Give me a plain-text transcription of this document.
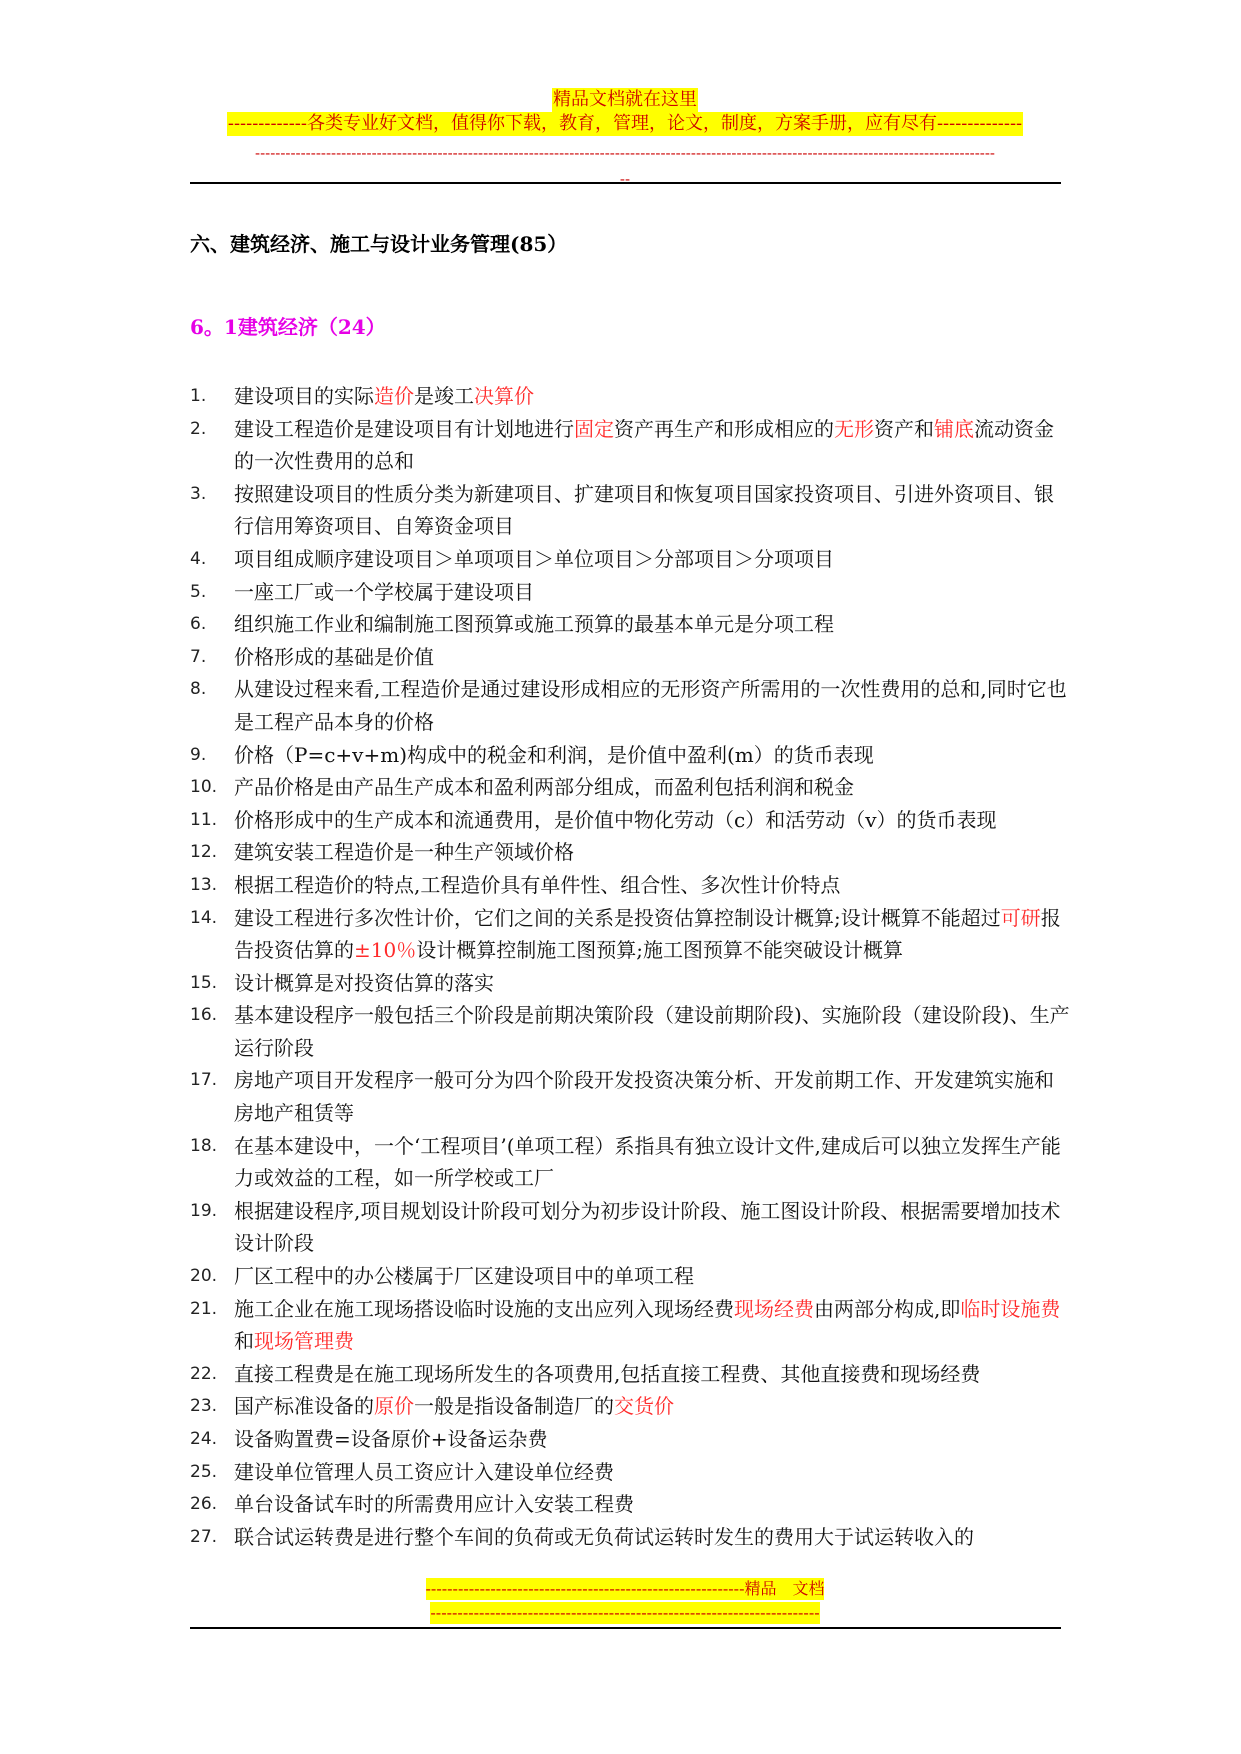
精品文档就在这里
-------------各类专业好文档，值得你下载，教育，管理，论文，制度，方案手册，应有尽有--------------
--------------------------------------------------------------------------------------------------------------------------------------------------
--
六、建筑经济、施工与设计业务管理(85）
6。1建筑经济（24）
1.	建设项目的实际造价是竣工决算价
2.	建设工程造价是建设项目有计划地进行固定资产再生产和形成相应的无形资产和铺底流动资金的一次性费用的总和
3.	按照建设项目的性质分类为新建项目、扩建项目和恢复项目国家投资项目、引进外资项目、银行信用筹资项目、自筹资金项目
4.	项目组成顺序建设项目＞单项项目＞单位项目＞分部项目＞分项项目
5.	一座工厂或一个学校属于建设项目
6.	组织施工作业和编制施工图预算或施工预算的最基本单元是分项工程
7.	价格形成的基础是价值
8.	从建设过程来看,工程造价是通过建设形成相应的无形资产所需用的一次性费用的总和,同时它也是工程产品本身的价格
9.	价格（P=c+v+m)构成中的税金和利润，是价值中盈利(m）的货币表现
10. 产品价格是由产品生产成本和盈利两部分组成，而盈利包括利润和税金
11. 价格形成中的生产成本和流通费用，是价值中物化劳动（c）和活劳动（v）的货币表现
12. 建筑安装工程造价是一种生产领域价格
13. 根据工程造价的特点,工程造价具有单件性、组合性、多次性计价特点
14. 建设工程进行多次性计价，它们之间的关系是投资估算控制设计概算;设计概算不能超过可研报告投资估算的±10％设计概算控制施工图预算;施工图预算不能突破设计概算
15. 设计概算是对投资估算的落实
16. 基本建设程序一般包括三个阶段是前期决策阶段（建设前期阶段)、实施阶段（建设阶段)、生产运行阶段
17. 房地产项目开发程序一般可分为四个阶段开发投资决策分析、开发前期工作、开发建筑实施和房地产租赁等
18. 在基本建设中，一个‘工程项目’(单项工程）系指具有独立设计文件,建成后可以独立发挥生产能力或效益的工程，如一所学校或工厂
19. 根据建设程序,项目规划设计阶段可划分为初步设计阶段、施工图设计阶段、根据需要增加技术设计阶段
20. 厂区工程中的办公楼属于厂区建设项目中的单项工程
21. 施工企业在施工现场搭设临时设施的支出应列入现场经费现场经费由两部分构成,即临时设施费和现场管理费
22. 直接工程费是在施工现场所发生的各项费用,包括直接工程费、其他直接费和现场经费
23. 国产标准设备的原价一般是指设备制造厂的交货价
24. 设备购置费=设备原价+设备运杂费
25. 建设单位管理人员工资应计入建设单位经费
26. 单台设备试车时的所需费用应计入安装工程费
27. 联合试运转费是进行整个车间的负荷或无负荷试运转时发生的费用大于试运转收入的
-----------------------------------------------------------精品　文档
------------------------------------------------------------------------
